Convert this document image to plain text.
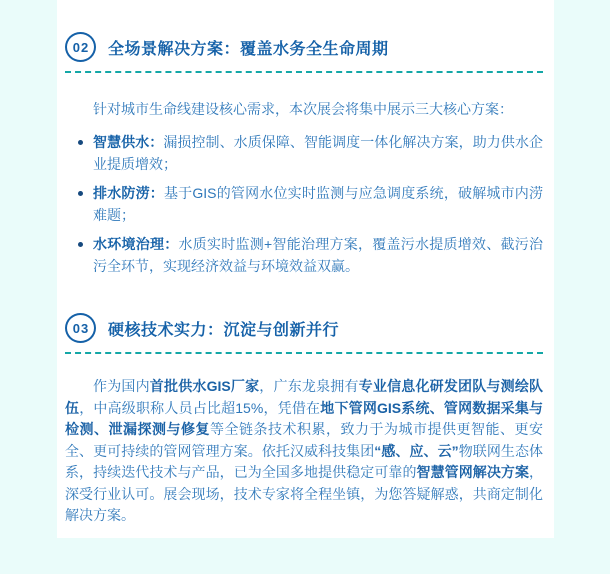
02	全场景解决方案：覆盖水务全生命周期

针对城市生命线建设核心需求，本次展会将集中展示三大核心方案：

智慧供水：漏损控制、水质保障、智能调度一体化解决方案，助力供水企业提质增效；
排水防涝：基于GIS的管网水位实时监测与应急调度系统，破解城市内涝难题；
水环境治理：水质实时监测+智能治理方案，覆盖污水提质增效、截污治污全环节，实现经济效益与环境效益双赢。
03	硬核技术实力：沉淀与创新并行

作为国内首批供水GIS厂家，广东龙泉拥有专业信息化研发团队与测绘队伍，中高级职称人员占比超15%，凭借在地下管网GIS系统、管网数据采集与检测、泄漏探测与修复等全链条技术积累，致力于为城市提供更智能、更安全、更可持续的管网管理方案。依托汉威科技集团“感、应、云”物联网生态体系，持续迭代技术与产品，已为全国多地提供稳定可靠的智慧管网解决方案，深受行业认可。展会现场，技术专家将全程坐镇，为您答疑解惑，共商定制化解决方案。
